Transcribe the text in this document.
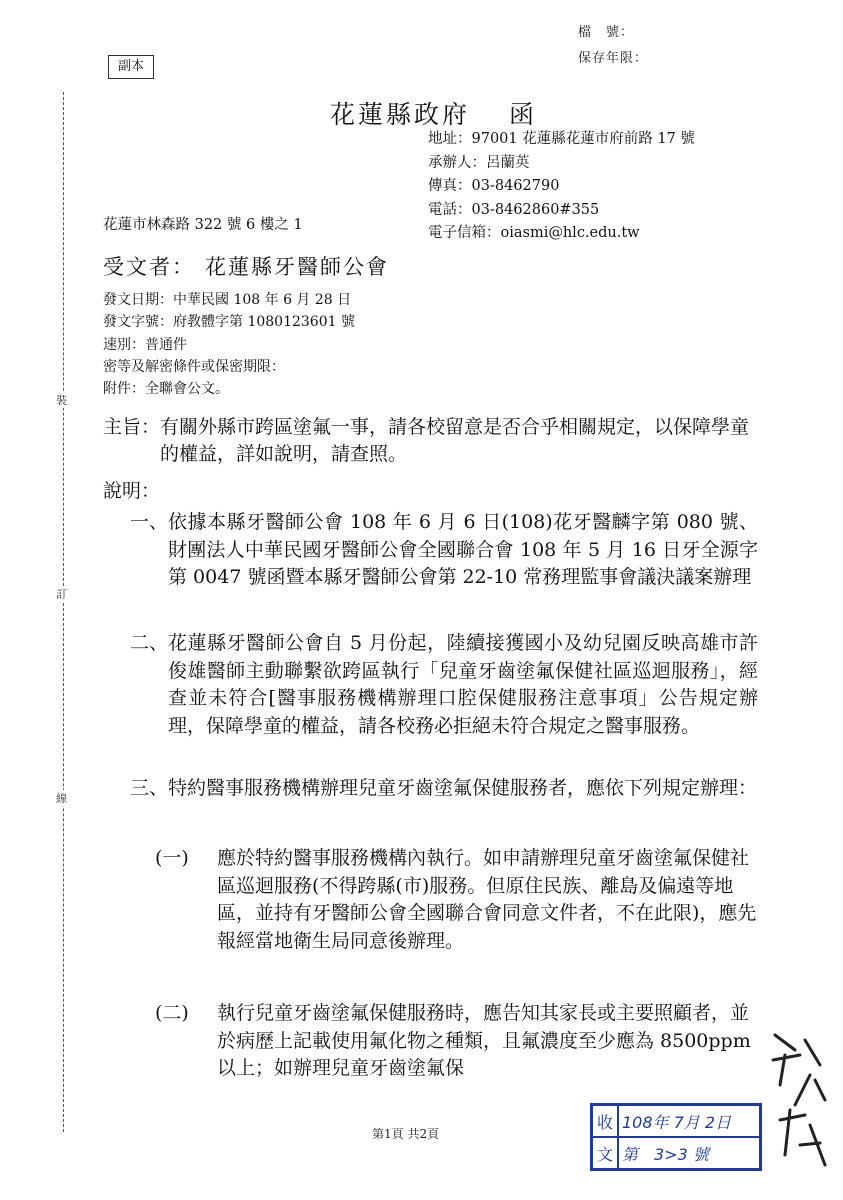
檔　號：
保存年限：
副本
裝
訂
線
花蓮縣政府　 函
地址：97001 花蓮縣花蓮市府前路 17 號
承辦人：呂蘭英
傳真：03-8462790
電話：03-8462860#355
電子信箱：oiasmi@hlc.edu.tw
花蓮市林森路 322 號 6 樓之 1
受文者： 花蓮縣牙醫師公會
發文日期：中華民國 108 年 6 月 28 日
發文字號：府教體字第 1080123601 號
速別：普通件
密等及解密條件或保密期限：
附件：全聯會公文。

主旨： 有關外縣市跨區塗氟一事，請各校留意是否合乎相關規定，以保障學童的權益，詳如說明，請查照。
說明：
一、 依據本縣牙醫師公會 108 年 6 月 6 日(108)花牙醫麟字第 080 號、財團法人中華民國牙醫師公會全國聯合會 108 年 5 月 16 日牙全源字第 0047 號函暨本縣牙醫師公會第 22-10 常務理監事會議決議案辦理
二、 花蓮縣牙醫師公會自 5 月份起，陸續接獲國小及幼兒園反映高雄市許俊雄醫師主動聯繫欲跨區執行「兒童牙齒塗氟保健社區巡迴服務」，經查並未符合[醫事服務機構辦理口腔保健服務注意事項」公告規定辦理，保障學童的權益，請各校務必拒絕未符合規定之醫事服務。
三、 特約醫事服務機構辦理兒童牙齒塗氟保健服務者，應依下列規定辦理：
(一)	應於特約醫事服務機構內執行。如申請辦理兒童牙齒塗氟保健社區巡迴服務(不得跨縣(市)服務。但原住民族、離島及偏遠等地區，並持有牙醫師公會全國聯合會同意文件者，不在此限)，應先報經當地衛生局同意後辦理。
(二)	執行兒童牙齒塗氟保健服務時，應告知其家長或主要照顧者，並於病歷上記載使用氟化物之種類，且氟濃度至少應為 8500ppm 以上；如辦理兒童牙齒塗氟保
第1頁 共2頁
收 108年 7月 2日
文 第　3>3 號
